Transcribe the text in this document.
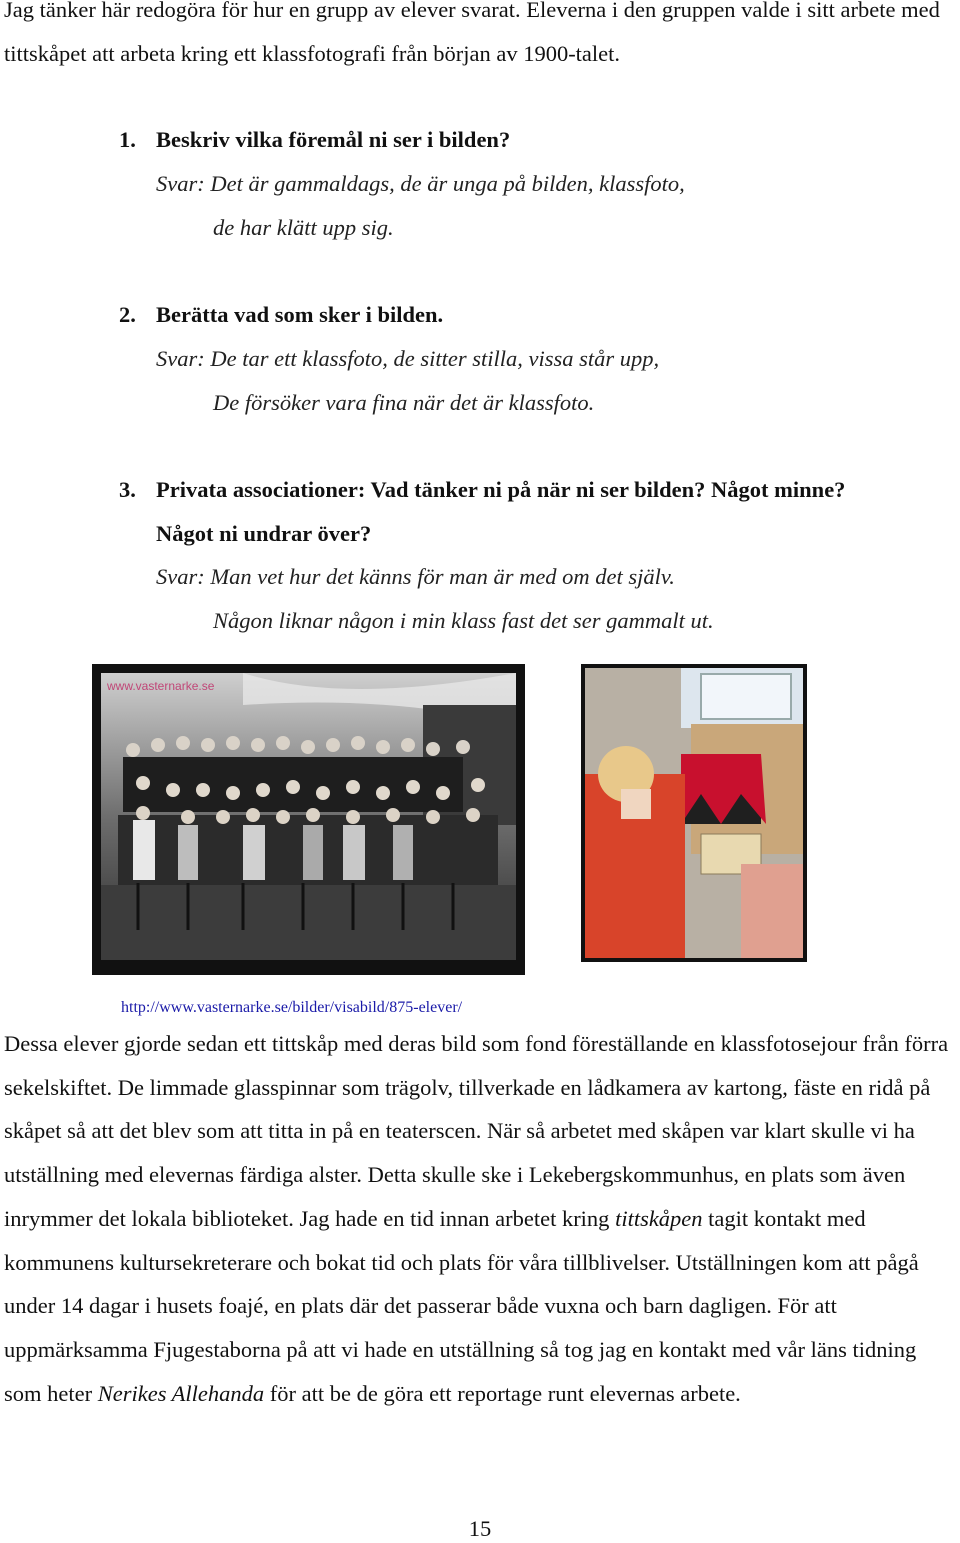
Jag tänker här redogöra för hur en grupp av elever svarat. Eleverna i den gruppen valde i sitt arbete med tittskåpet att arbeta kring ett klassfotografi från början av 1900-talet.

1. Beskriv vilka föremål ni ser i bilden?
Svar: Det är gammaldags, de är unga på bilden, klassfoto,
de har klätt upp sig.
2. Berätta vad som sker i bilden.
Svar: De tar ett klassfoto, de sitter stilla, vissa står upp,
De försöker vara fina när det är klassfoto.
3. Privata associationer: Vad tänker ni på när ni ser bilden? Något minne?
Något ni undrar över?
Svar: Man vet hur det känns för man är med om det själv.
Någon liknar någon i min klass fast det ser gammalt ut.
www.vasternarke.se
http://www.vasternarke.se/bilder/visabild/875-elever/

Dessa elever gjorde sedan ett tittskåp med deras bild som fond föreställande en klassfotosejour från förra sekelskiftet. De limmade glasspinnar som trägolv, tillverkade en lådkamera av kartong, fäste en ridå på skåpet så att det blev som att titta in på en teaterscen. När så arbetet med skåpen var klart skulle vi ha utställning med elevernas färdiga alster. Detta skulle ske i Lekebergskommunhus, en plats som även inrymmer det lokala biblioteket. Jag hade en tid innan arbetet kring tittskåpen tagit kontakt med kommunens kultursekreterare och bokat tid och plats för våra tillblivelser. Utställningen kom att pågå under 14 dagar i husets foajé, en plats där det passerar både vuxna och barn dagligen. För att uppmärksamma Fjugestaborna på att vi hade en utställning så tog jag en kontakt med vår läns tidning som heter Nerikes Allehanda för att be de göra ett reportage runt elevernas arbete.

15
